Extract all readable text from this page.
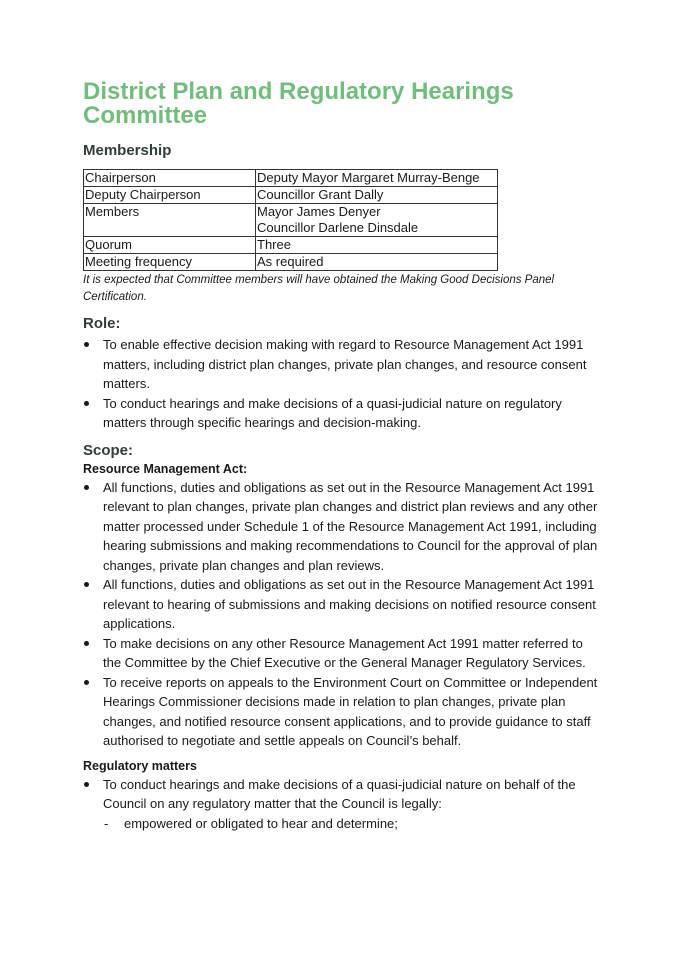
District Plan and Regulatory Hearings Committee
Membership
Chairperson	Deputy Mayor Margaret Murray-Benge
Deputy Chairperson	Councillor Grant Dally
Members	Mayor James Denyer
Councillor Darlene Dinsdale

Quorum	Three
Meeting frequency	As required
It is expected that Committee members will have obtained the Making Good Decisions Panel Certification.
Role:
To enable effective decision making with regard to Resource Management Act 1991 matters, including district plan changes, private plan changes, and resource consent matters.
To conduct hearings and make decisions of a quasi-judicial nature on regulatory matters through specific hearings and decision-making.
Scope:
Resource Management Act:
All functions, duties and obligations as set out in the Resource Management Act 1991 relevant to plan changes, private plan changes and district plan reviews and any other matter processed under Schedule 1 of the Resource Management Act 1991, including hearing submissions and making recommendations to Council for the approval of plan changes, private plan changes and plan reviews.
All functions, duties and obligations as set out in the Resource Management Act 1991 relevant to hearing of submissions and making decisions on notified resource consent applications.
To make decisions on any other Resource Management Act 1991 matter referred to the Committee by the Chief Executive or the General Manager Regulatory Services.
To receive reports on appeals to the Environment Court on Committee or Independent Hearings Commissioner decisions made in relation to plan changes, private plan changes, and notified resource consent applications, and to provide guidance to staff authorised to negotiate and settle appeals on Council’s behalf.
Regulatory matters
To conduct hearings and make decisions of a quasi-judicial nature on behalf of the Council on any regulatory matter that the Council is legally:
- empowered or obligated to hear and determine;
